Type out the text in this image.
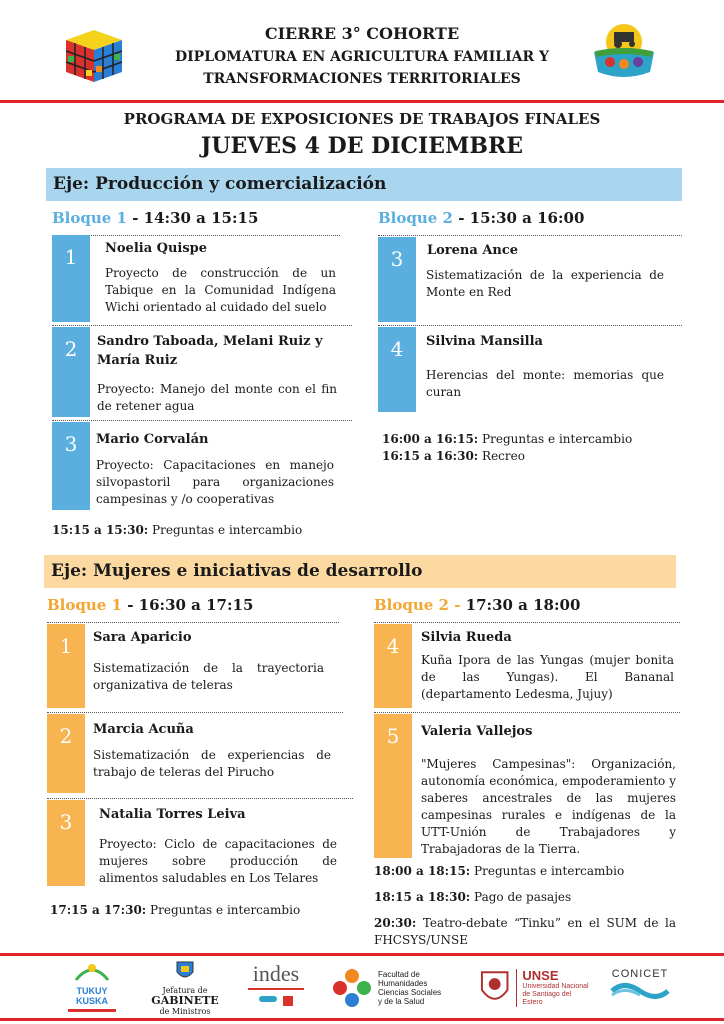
CIERRE 3° COHORTE
DIPLOMATURA EN AGRICULTURA FAMILIAR Y
TRANSFORMACIONES TERRITORIALES
PROGRAMA DE EXPOSICIONES DE TRABAJOS FINALES
JUEVES 4 DE DICIEMBRE
Eje: Producción y comercialización
Bloque 1 - 14:30 a 15:15
1	Noelia Quispe
Proyecto de construcción de un Tabique en la Comunidad Indígena Wichi orientado al cuidado del suelo
2	Sandro Taboada, Melani Ruiz y María Ruiz
Proyecto: Manejo del monte con el fin de retener agua
3	Mario Corvalán
Proyecto: Capacitaciones en manejo silvopastoril para organizaciones campesinas y /o cooperativas
15:15 a 15:30: Preguntas e intercambio
Bloque 2 - 15:30 a 16:00
3	Lorena Ance
Sistematización de la experiencia de Monte en Red
4	Silvina Mansilla
Herencias del monte: memorias que curan
16:00 a 16:15: Preguntas e intercambio
16:15 a 16:30: Recreo
Eje: Mujeres e iniciativas de desarrollo
Bloque 1 - 16:30 a 17:15
1	Sara Aparicio
Sistematización de la trayectoria organizativa de teleras
2	Marcia Acuña
Sistematización de experiencias de trabajo de teleras del Piruchо
3	Natalia Torres Leiva
Proyecto: Ciclo de capacitaciones de mujeres sobre producción de alimentos saludables en Los Telares
17:15 a 17:30: Preguntas e intercambio
Bloque 2 - 17:30 a 18:00
4	Silvia Rueda
Kuña Ipora de las Yungas (mujer bonita de las Yungas). El Bananal (departamento Ledesma, Jujuy)
5	Valeria Vallejos
"Mujeres Campesinas": Organización, autonomía económica, empoderamiento y saberes ancestrales de las mujeres campesinas rurales e indígenas de la UTT-Unión de Trabajadores y Trabajadoras de la Tierra.
18:00 a 18:15: Preguntas e intercambio
18:15 a 18:30: Pago de pasajes
20:30: Teatro-debate “Tinku” en el SUM de la FHCSYS/UNSE
TUKUY KUSKA
Jefatura de
GABINETE
de Ministros
indes	Facultad de
Humanidades
Ciencias Sociales
y de la Salud
UNSE
Universidad Nacional
de Santiago del Estero
CONICET
